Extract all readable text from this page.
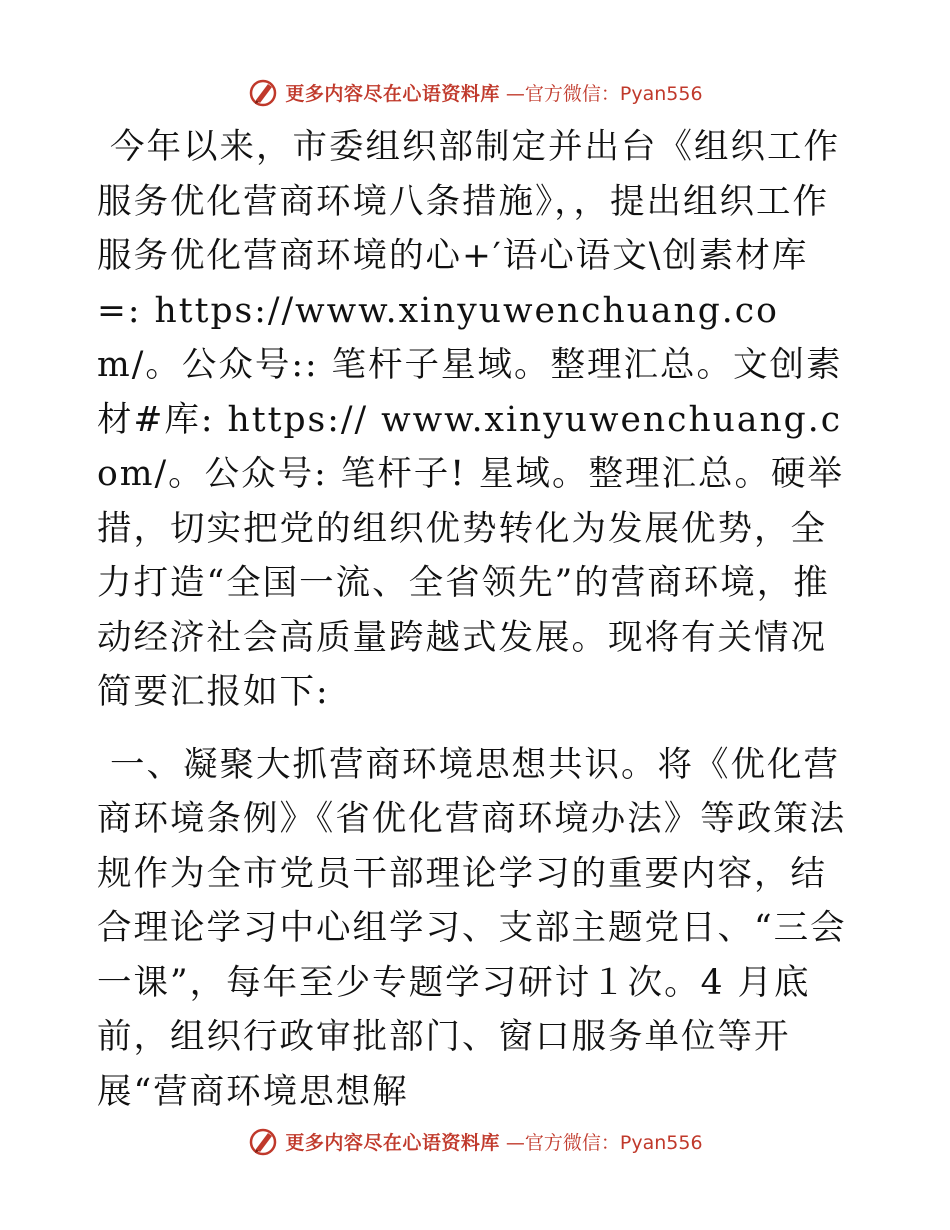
更多内容尽在心语资料库 —官方微信：Pyan556

今年以来，市委组织部制定并出台《组织工作服务优化营商环境八条措施》，，提出组织工作服务优化营商环境的心+′语心语文\创素材库=: https://www.xinyuwenchuang.com/。公众号:: 笔杆子星域。整理汇总。文创素材#库: https:// www.xinyuwenchuang.com/。公众号: 笔杆子! 星域。整理汇总。硬举措，切实把党的组织优势转化为发展优势，全力打造“全国一流、全省领先”的营商环境，推动经济社会高质量跨越式发展。现将有关情况简要汇报如下:

一、凝聚大抓营商环境思想共识。将《优化营商环境条例》《省优化营商环境办法》等政策法规作为全市党员干部理论学习的重要内容，结合理论学习中心组学习、支部主题党日、“三会一课”，每年至少专题学习研讨１次。4 月底前，组织行政审批部门、窗口服务单位等开展“营商环境思想解

更多内容尽在心语资料库 —官方微信：Pyan556
